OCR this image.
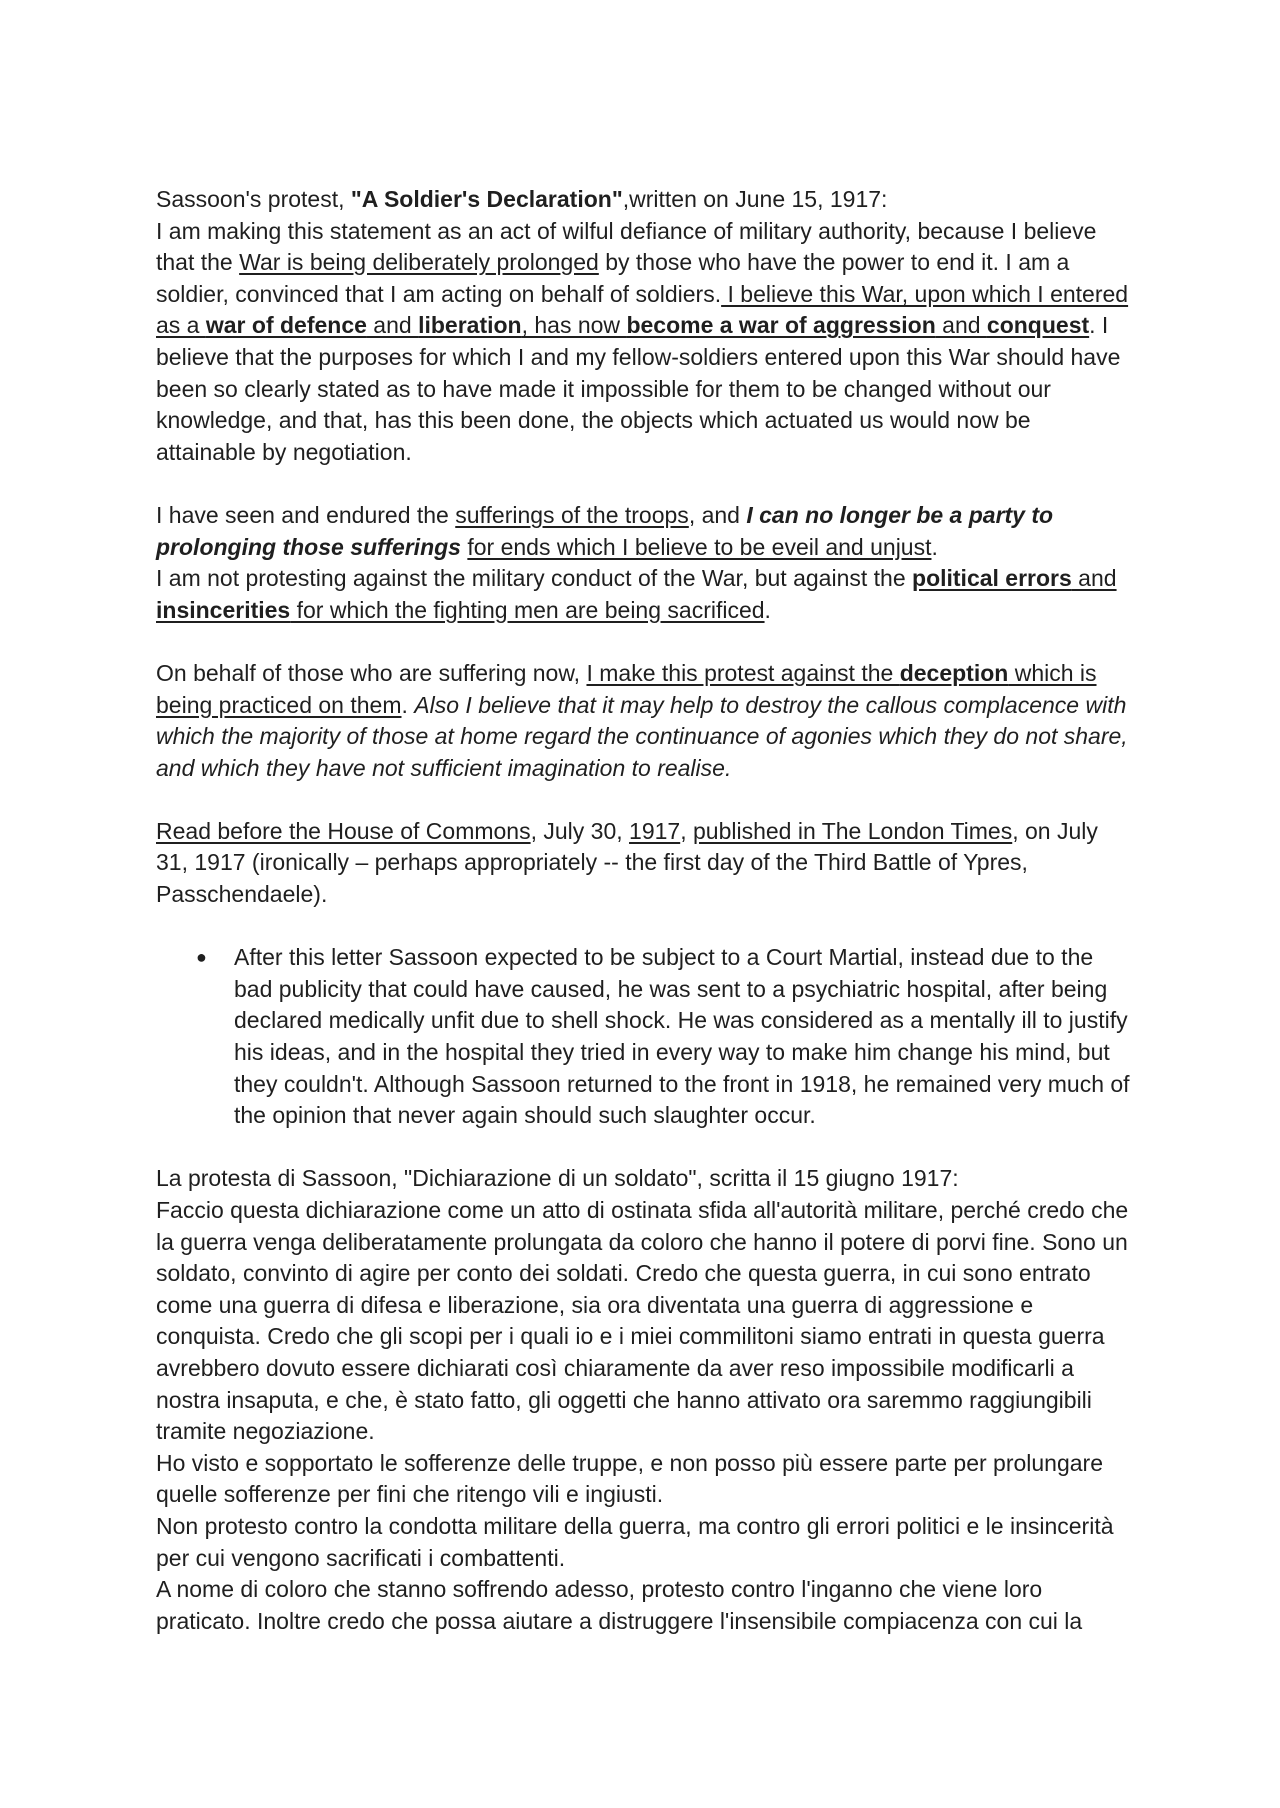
Sassoon's protest, "A Soldier's Declaration",written on June 15, 1917:

I am making this statement as an act of wilful defiance of military authority, because I believe that the War is being deliberately prolonged by those who have the power to end it. I am a soldier, convinced that I am acting on behalf of soldiers. I believe this War, upon which I entered as a war of defence and liberation, has now become a war of aggression and conquest. I believe that the purposes for which I and my fellow-soldiers entered upon this War should have been so clearly stated as to have made it impossible for them to be changed without our knowledge, and that, has this been done, the objects which actuated us would now be attainable by negotiation.

I have seen and endured the sufferings of the troops, and I can no longer be a party to prolonging those sufferings for ends which I believe to be eveil and unjust.

I am not protesting against the military conduct of the War, but against the political errors and insincerities for which the fighting men are being sacrificed.

On behalf of those who are suffering now, I make this protest against the deception which is being practiced on them. Also I believe that it may help to destroy the callous complacence with which the majority of those at home regard the continuance of agonies which they do not share, and which they have not sufficient imagination to realise.

Read before the House of Commons, July 30, 1917, published in The London Times, on July 31, 1917 (ironically – perhaps appropriately -- the first day of the Third Battle of Ypres, Passchendaele).

● After this letter Sassoon expected to be subject to a Court Martial, instead due to the bad publicity that could have caused, he was sent to a psychiatric hospital, after being declared medically unfit due to shell shock. He was considered as a mentally ill to justify his ideas, and in the hospital they tried in every way to make him change his mind, but they couldn't. Although Sassoon returned to the front in 1918, he remained very much of the opinion that never again should such slaughter occur.

La protesta di Sassoon, "Dichiarazione di un soldato", scritta il 15 giugno 1917:

Faccio questa dichiarazione come un atto di ostinata sfida all'autorità militare, perché credo che la guerra venga deliberatamente prolungata da coloro che hanno il potere di porvi fine. Sono un soldato, convinto di agire per conto dei soldati. Credo che questa guerra, in cui sono entrato come una guerra di difesa e liberazione, sia ora diventata una guerra di aggressione e conquista. Credo che gli scopi per i quali io e i miei commilitoni siamo entrati in questa guerra avrebbero dovuto essere dichiarati così chiaramente da aver reso impossibile modificarli a nostra insaputa, e che, è stato fatto, gli oggetti che hanno attivato ora saremmo raggiungibili tramite negoziazione.

Ho visto e sopportato le sofferenze delle truppe, e non posso più essere parte per prolungare quelle sofferenze per fini che ritengo vili e ingiusti.

Non protesto contro la condotta militare della guerra, ma contro gli errori politici e le insincerità per cui vengono sacrificati i combattenti.

A nome di coloro che stanno soffrendo adesso, protesto contro l'inganno che viene loro praticato. Inoltre credo che possa aiutare a distruggere l'insensibile compiacenza con cui la
